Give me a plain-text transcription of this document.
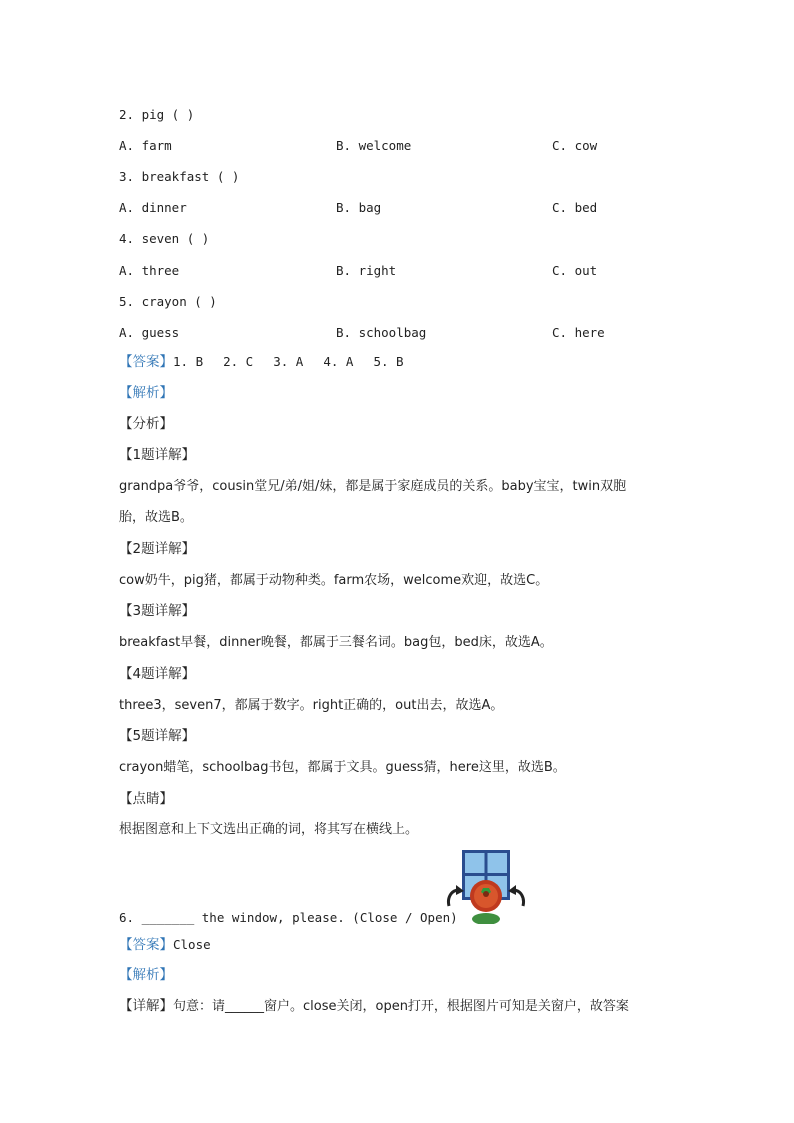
2. pig ( )
A. farm	B. welcome	C. cow
3. breakfast ( )
A. dinner	B. bag	C. bed
4. seven ( )
A. three	B. right	C. out
5. crayon ( )
A. guess	B. schoolbag	C. here
【答案】1. B 2. C 3. A 4. A 5. B
【解析】
【分析】
【1题详解】
grandpa爷爷，cousin堂兄/弟/姐/妹，都是属于家庭成员的关系。baby宝宝，twin双胞
胎，故选B。
【2题详解】
cow奶牛，pig猪，都属于动物种类。farm农场，welcome欢迎，故选C。
【3题详解】
breakfast早餐，dinner晚餐，都属于三餐名词。bag包，bed床，故选A。
【4题详解】
three3，seven7，都属于数字。right正确的，out出去，故选A。
【5题详解】
crayon蜡笔，schoolbag书包，都属于文具。guess猜，here这里，故选B。
【点睛】
根据图意和上下文选出正确的词，将其写在横线上。
6. _______ the window, please. (Close / Open)
【答案】Close
【解析】
【详解】句意：请______窗户。close关闭，open打开，根据图片可知是关窗户，故答案
